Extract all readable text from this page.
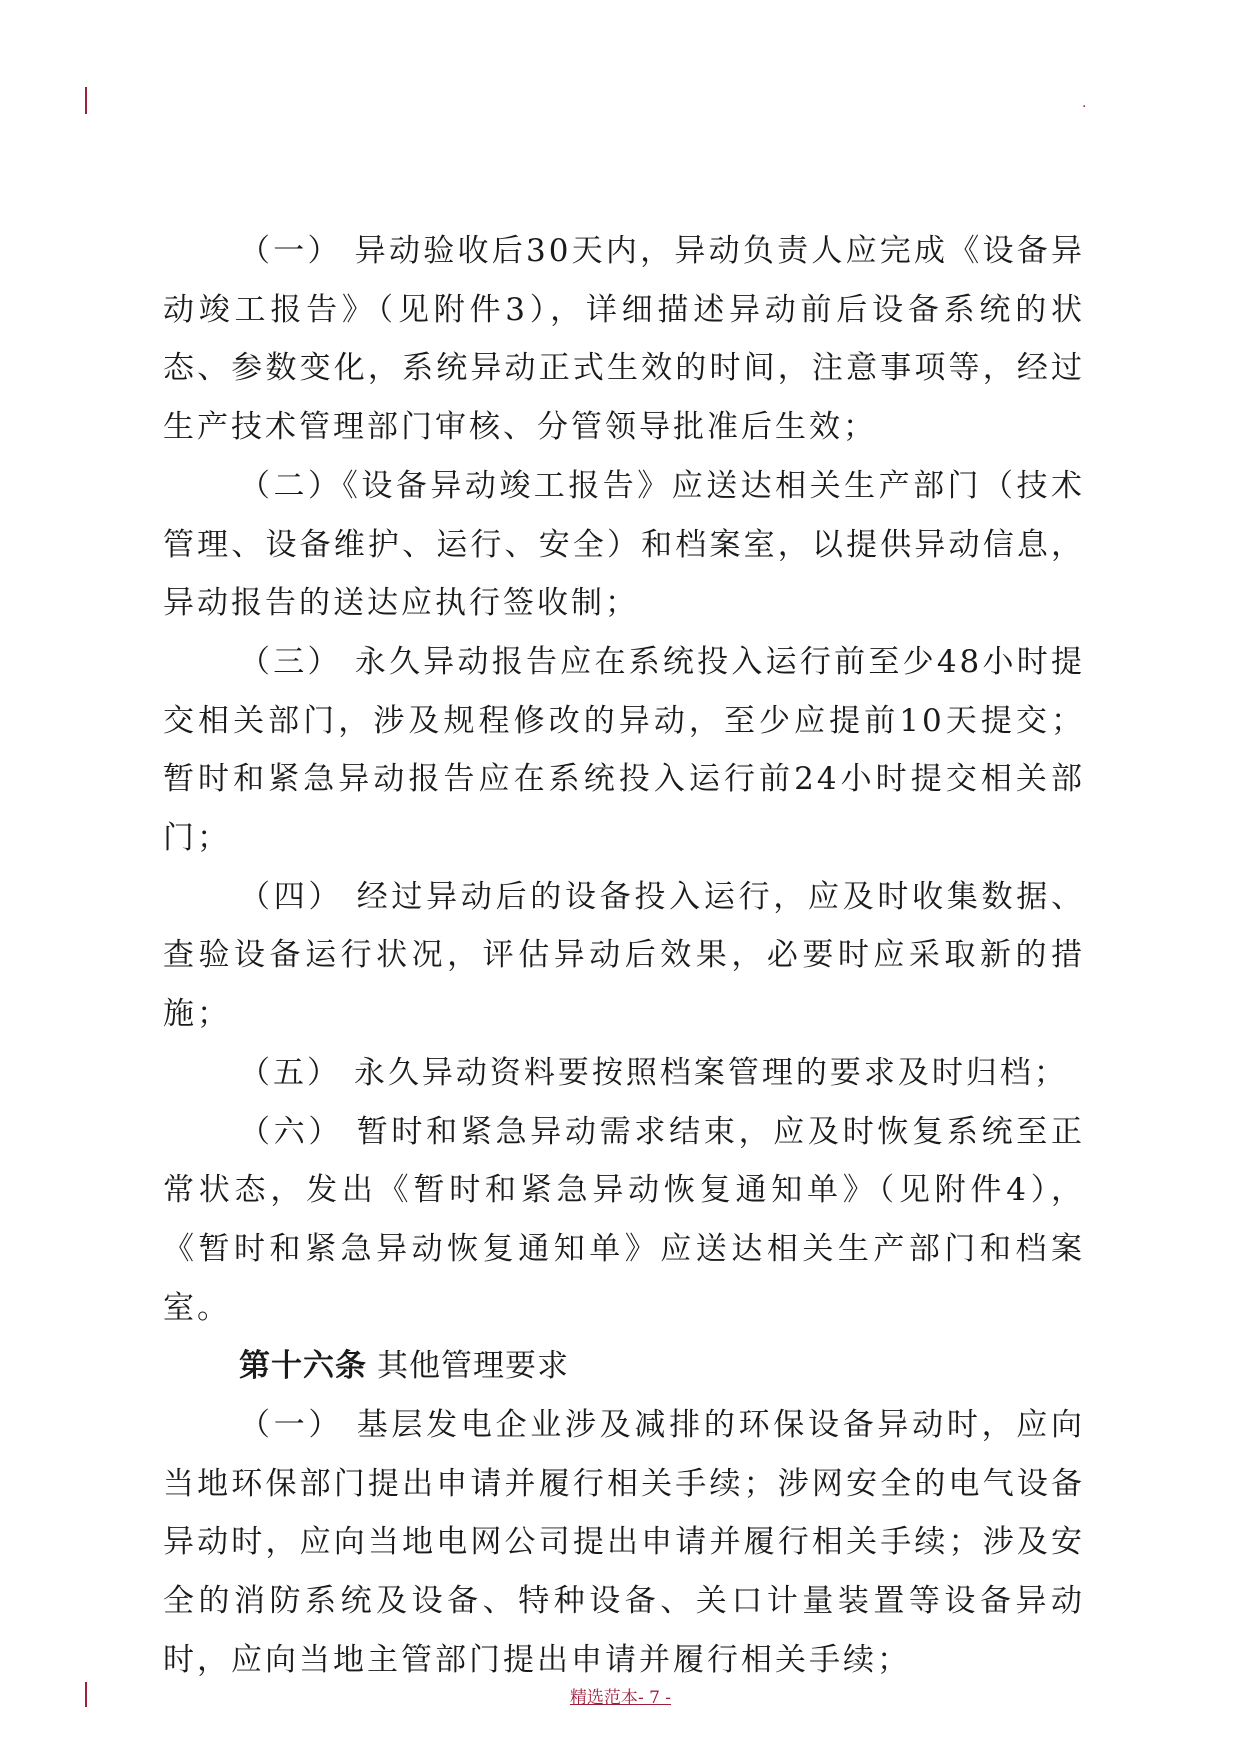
.

（一） 异动验收后30天内，异动负责人应完成《设备异动竣工报告》（见附件3），详细描述异动前后设备系统的状态、参数变化，系统异动正式生效的时间，注意事项等，经过生产技术管理部门审核、分管领导批准后生效；

（二）《设备异动竣工报告》应送达相关生产部门（技术管理、设备维护、运行、安全）和档案室，以提供异动信息，异动报告的送达应执行签收制；

（三） 永久异动报告应在系统投入运行前至少48小时提交相关部门，涉及规程修改的异动，至少应提前10天提交；暂时和紧急异动报告应在系统投入运行前24小时提交相关部门；

（四） 经过异动后的设备投入运行，应及时收集数据、查验设备运行状况，评估异动后效果，必要时应采取新的措施；

（五） 永久异动资料要按照档案管理的要求及时归档；

（六） 暂时和紧急异动需求结束，应及时恢复系统至正常状态，发出《暂时和紧急异动恢复通知单》（见附件4），《暂时和紧急异动恢复通知单》应送达相关生产部门和档案室。

第十六条 其他管理要求

（一） 基层发电企业涉及减排的环保设备异动时，应向当地环保部门提出申请并履行相关手续；涉网安全的电气设备异动时，应向当地电网公司提出申请并履行相关手续；涉及安全的消防系统及设备、特种设备、关口计量装置等设备异动时，应向当地主管部门提出申请并履行相关手续；

精选范本- 7 -
